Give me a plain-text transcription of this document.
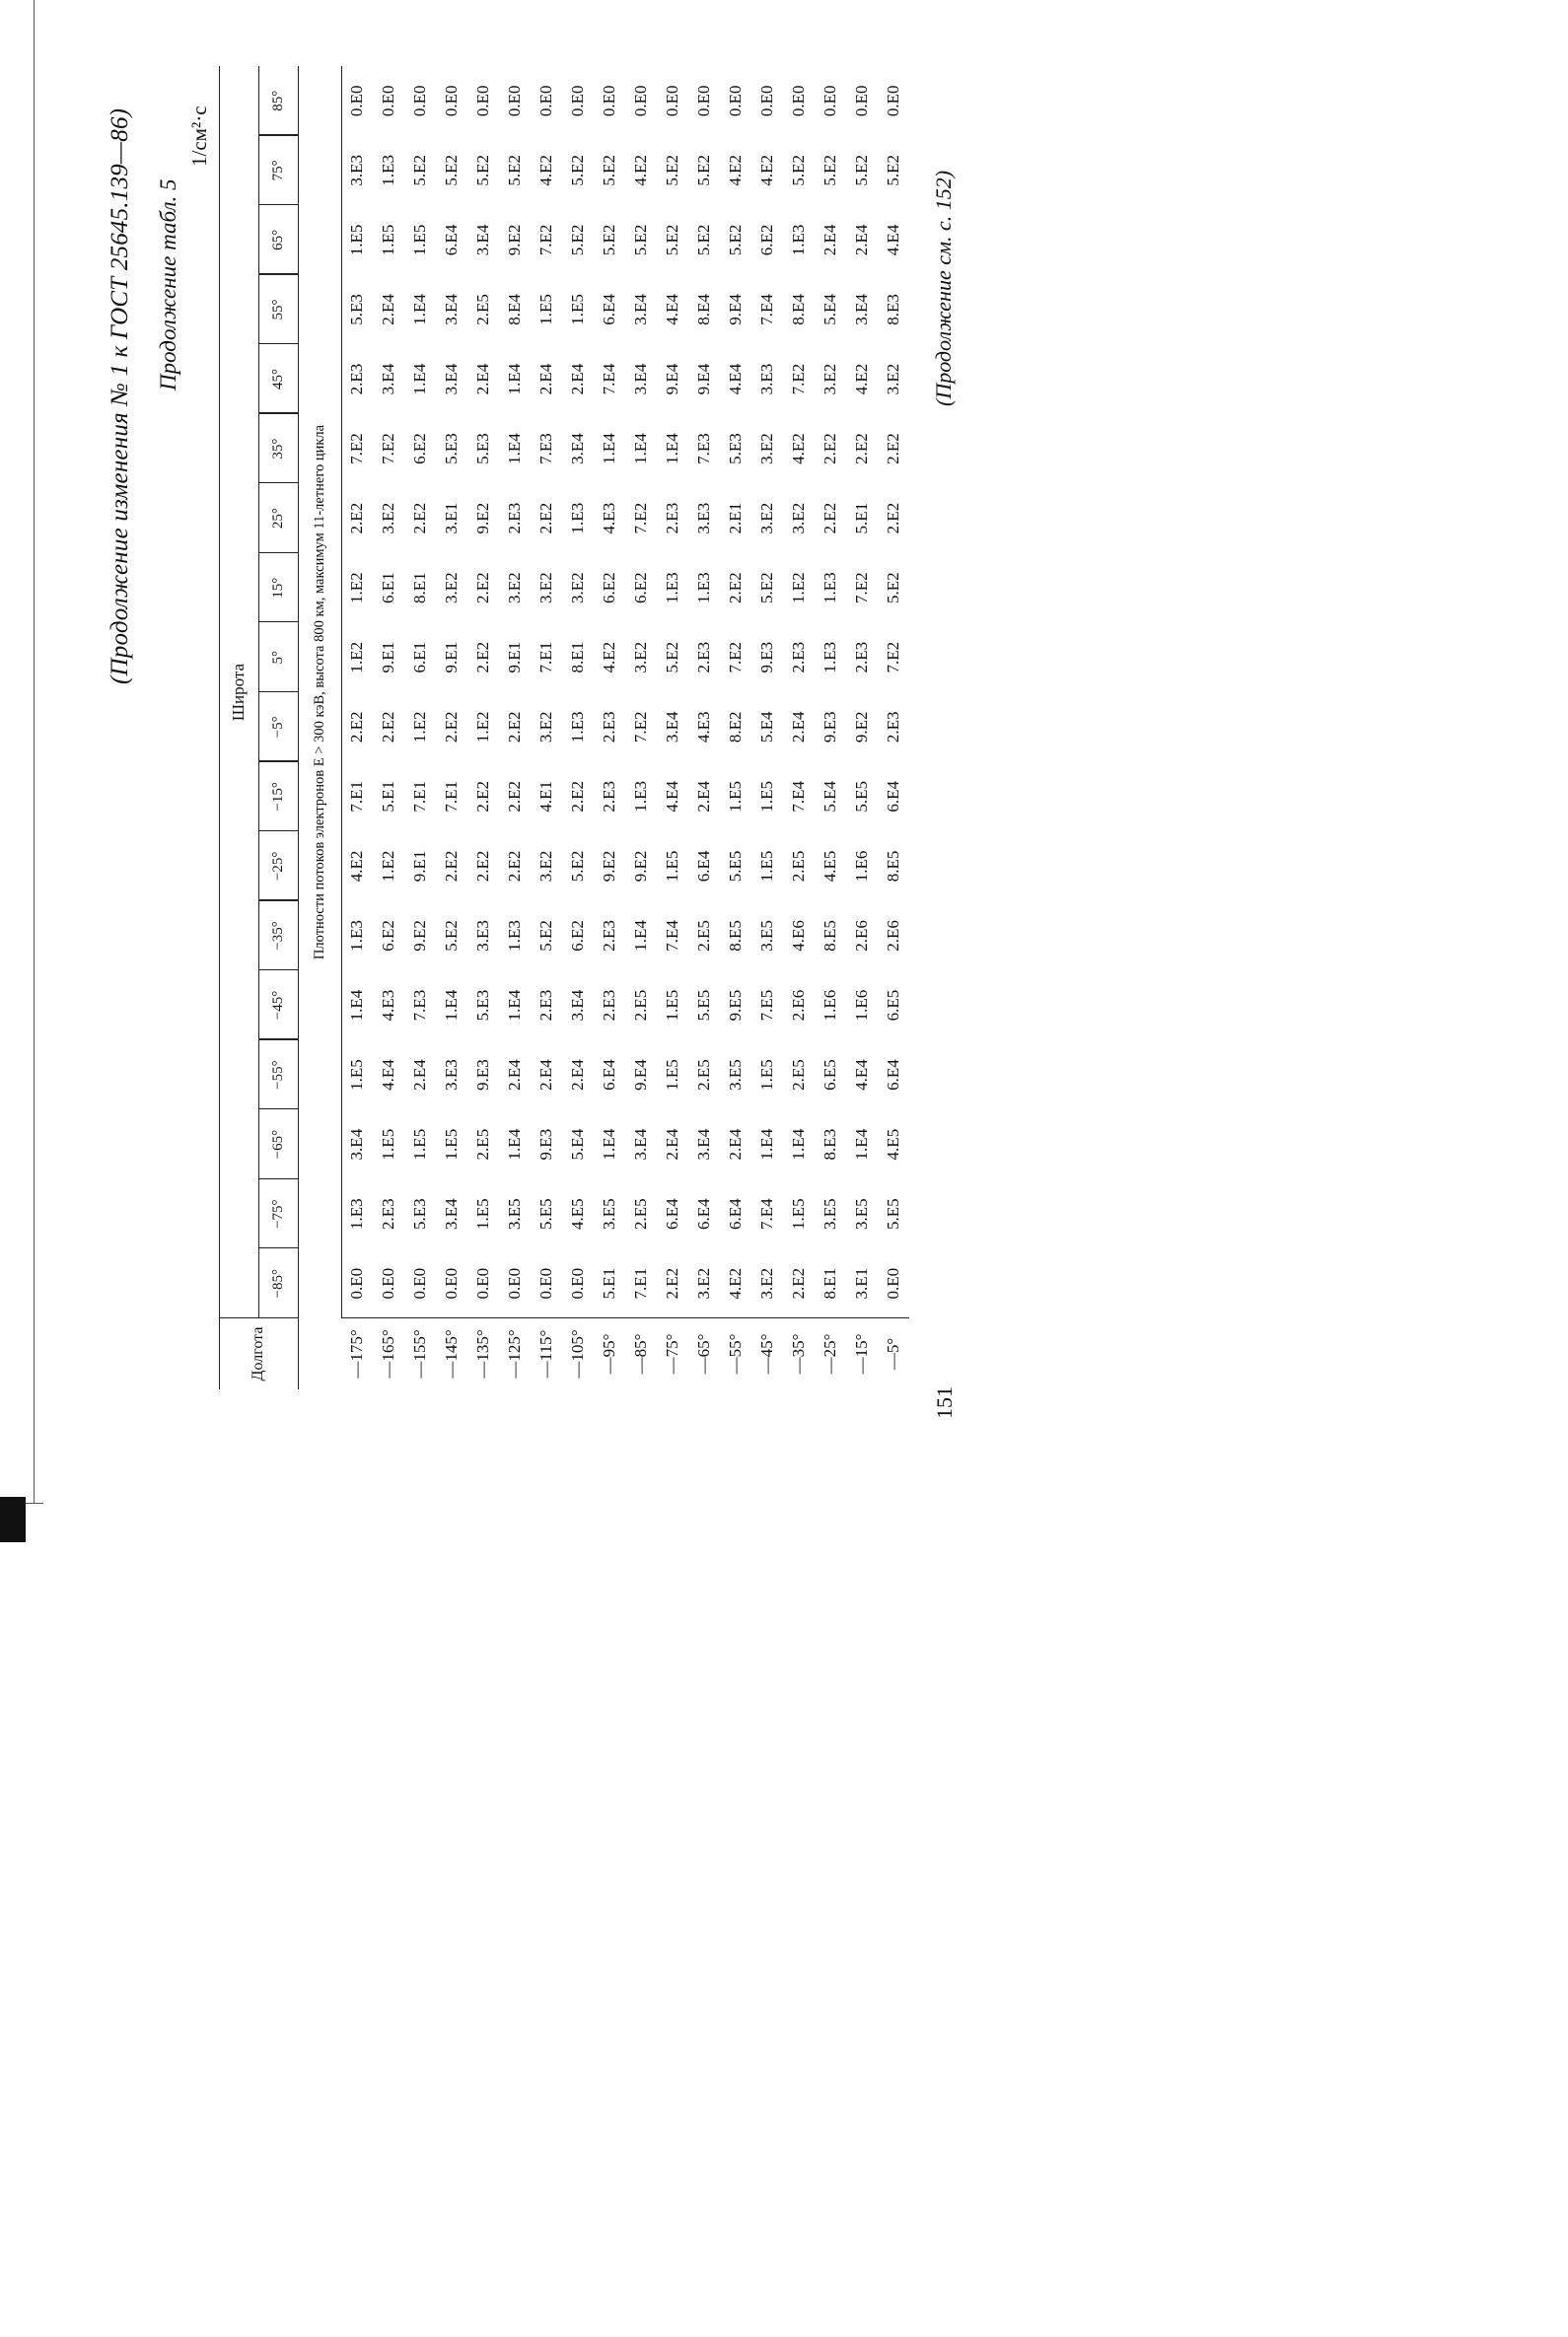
(Продолжение изменения № 1 к ГОСТ 25645.139—86) Продолжение табл. 5
1/см²·с
Долгота
Широта
−85°
−75°
−65°
−55°
−45°
−35°
−25°
−15°
−5°
5°
15°
25°
35°
45°
55°
65°
75°
85°
Плотности потоков электронов E > 300 кэВ, высота 800 км, максимум 11-летнего цикла
—175°
0.E0
1.E3
3.E4
1.E5
1.E4
1.E3
4.E2
7.E1
2.E2
1.E2
1.E2
2.E2
7.E2
2.E3
5.E3
1.E5
3.E3
0.E0
—165°
0.E0
2.E3
1.E5
4.E4
4.E3
6.E2
1.E2
5.E1
2.E2
9.E1
6.E1
3.E2
7.E2
3.E4
2.E4
1.E5
1.E3
0.E0
—155°
0.E0
5.E3
1.E5
2.E4
7.E3
9.E2
9.E1
7.E1
1.E2
6.E1
8.E1
2.E2
6.E2
1.E4
1.E4
1.E5
5.E2
0.E0
—145°
0.E0
3.E4
1.E5
3.E3
1.E4
5.E2
2.E2
7.E1
2.E2
9.E1
3.E2
3.E1
5.E3
3.E4
3.E4
6.E4
5.E2
0.E0
—135°
0.E0
1.E5
2.E5
9.E3
5.E3
3.E3
2.E2
2.E2
1.E2
2.E2
2.E2
9.E2
5.E3
2.E4
2.E5
3.E4
5.E2
0.E0
—125°
0.E0
3.E5
1.E4
2.E4
1.E4
1.E3
2.E2
2.E2
2.E2
9.E1
3.E2
2.E3
1.E4
1.E4
8.E4
9.E2
5.E2
0.E0
—115°
0.E0
5.E5
9.E3
2.E4
2.E3
5.E2
3.E2
4.E1
3.E2
7.E1
3.E2
2.E2
7.E3
2.E4
1.E5
7.E2
4.E2
0.E0
—105°
0.E0
4.E5
5.E4
2.E4
3.E4
6.E2
5.E2
2.E2
1.E3
8.E1
3.E2
1.E3
3.E4
2.E4
1.E5
5.E2
5.E2
0.E0
—95°
5.E1
3.E5
1.E4
6.E4
2.E3
2.E3
9.E2
2.E3
2.E3
4.E2
6.E2
4.E3
1.E4
7.E4
6.E4
5.E2
5.E2
0.E0
—85°
7.E1
2.E5
3.E4
9.E4
2.E5
1.E4
9.E2
1.E3
7.E2
3.E2
6.E2
7.E2
1.E4
3.E4
3.E4
5.E2
4.E2
0.E0
—75°
2.E2
6.E4
2.E4
1.E5
1.E5
7.E4
1.E5
4.E4
3.E4
5.E2
1.E3
2.E3
1.E4
9.E4
4.E4
5.E2
5.E2
0.E0
—65°
3.E2
6.E4
3.E4
2.E5
5.E5
2.E5
6.E4
2.E4
4.E3
2.E3
1.E3
3.E3
7.E3
9.E4
8.E4
5.E2
5.E2
0.E0
—55°
4.E2
6.E4
2.E4
3.E5
9.E5
8.E5
5.E5
1.E5
8.E2
7.E2
2.E2
2.E1
5.E3
4.E4
9.E4
5.E2
4.E2
0.E0
—45°
3.E2
7.E4
1.E4
1.E5
7.E5
3.E5
1.E5
1.E5
5.E4
9.E3
5.E2
3.E2
3.E2
3.E3
7.E4
6.E2
4.E2
0.E0
—35°
2.E2
1.E5
1.E4
2.E5
2.E6
4.E6
2.E5
7.E4
2.E4
2.E3
1.E2
3.E2
4.E2
7.E2
8.E4
1.E3
5.E2
0.E0
—25°
8.E1
3.E5
8.E3
6.E5
1.E6
8.E5
4.E5
5.E4
9.E3
1.E3
1.E3
2.E2
2.E2
3.E2
5.E4
2.E4
5.E2
0.E0
—15°
3.E1
3.E5
1.E4
4.E4
1.E6
2.E6
1.E6
5.E5
9.E2
2.E3
7.E2
5.E1
2.E2
4.E2
3.E4
2.E4
5.E2
0.E0
—5°
0.E0
5.E5
4.E5
6.E4
6.E5
2.E6
8.E5
6.E4
2.E3
7.E2
5.E2
2.E2
2.E2
3.E2
8.E3
4.E4
5.E2
0.E0
151
(Продолжение см. с. 152)
